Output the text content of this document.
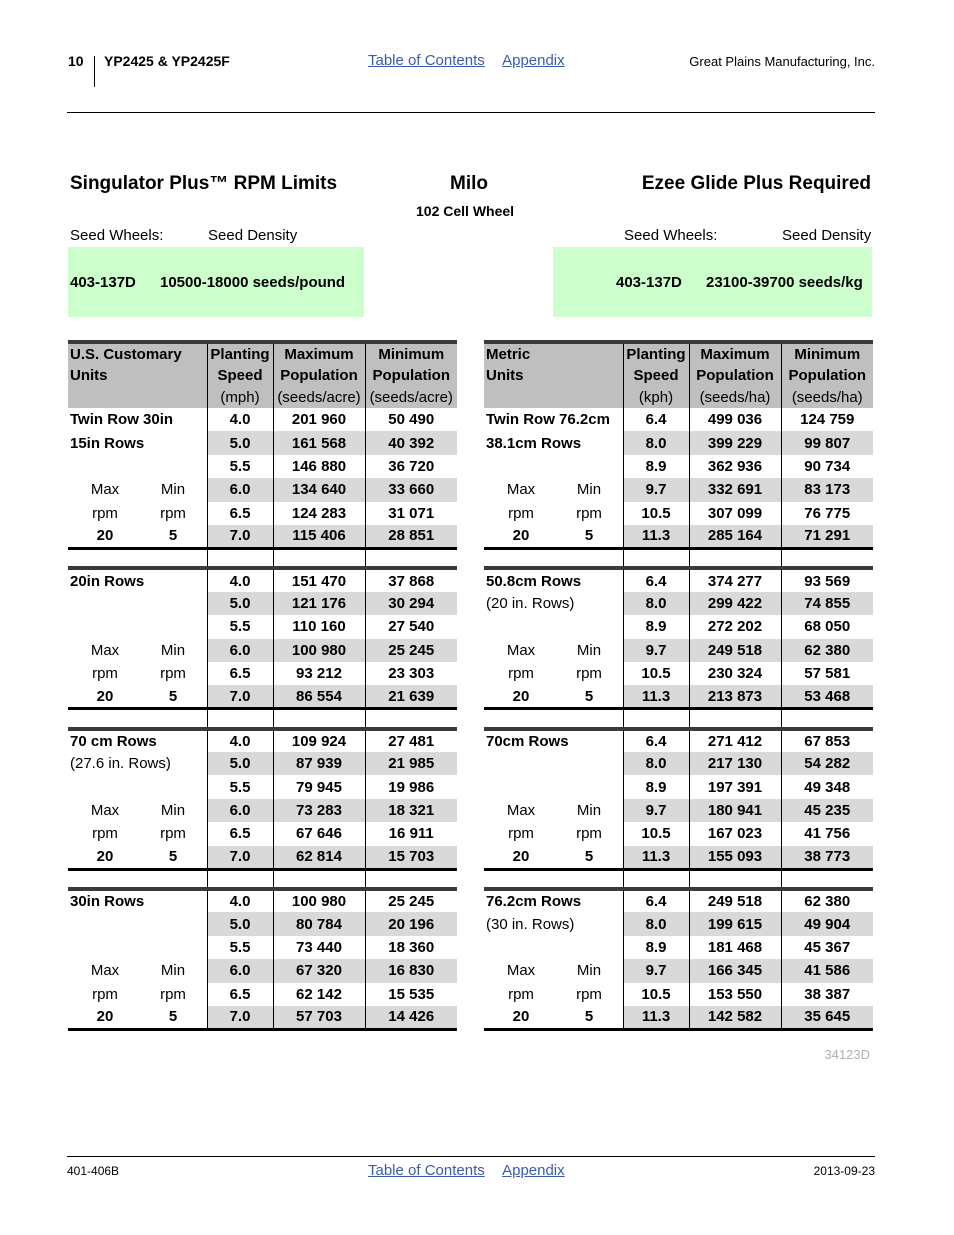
10 YP2425 & YP2425F	Table of Contents Appendix	Great Plains Manufacturing, Inc.
Singulator Plus™ RPM Limits	Milo	Ezee Glide Plus Required
102 Cell Wheel
Seed Wheels:	Seed Density	Seed Wheels:	Seed Density
403-137D 10500-18000 seeds/pound	403-137D 23100-39700 seeds/kg
U.S. Customary	Planting	Maximum	Minimum
Units	Speed	Population	Population
	(mph)	(seeds/acre)	(seeds/acre)
Twin Row 30in	4.0	201 960	50 490
15in Rows	5.0	161 568	40 392
	5.5	146 880	36 720
Max Min	6.0	134 640	33 660
rpm rpm	6.5	124 283	31 071
20 5	7.0	115 406	28 851

20in Rows	4.0	151 470	37 868
	5.0	121 176	30 294
	5.5	110 160	27 540
Max Min	6.0	100 980	25 245
rpm rpm	6.5	93 212	23 303
20 5	7.0	86 554	21 639

70 cm Rows	4.0	109 924	27 481
(27.6 in. Rows)	5.0	87 939	21 985
	5.5	79 945	19 986
Max Min	6.0	73 283	18 321
rpm rpm	6.5	67 646	16 911
20 5	7.0	62 814	15 703

30in Rows	4.0	100 980	25 245
	5.0	80 784	20 196
	5.5	73 440	18 360
Max Min	6.0	67 320	16 830
rpm rpm	6.5	62 142	15 535
20 5	7.0	57 703	14 426
Metric	Planting	Maximum	Minimum
Units	Speed	Population	Population
	(kph)	(seeds/ha)	(seeds/ha)
Twin Row 76.2cm	6.4	499 036	124 759
38.1cm Rows	8.0	399 229	99 807
	8.9	362 936	90 734
Max Min	9.7	332 691	83 173
rpm rpm	10.5	307 099	76 775
20 5	11.3	285 164	71 291

50.8cm Rows	6.4	374 277	93 569
(20 in. Rows)	8.0	299 422	74 855
	8.9	272 202	68 050
Max Min	9.7	249 518	62 380
rpm rpm	10.5	230 324	57 581
20 5	11.3	213 873	53 468

70cm Rows	6.4	271 412	67 853
	8.0	217 130	54 282
	8.9	197 391	49 348
Max Min	9.7	180 941	45 235
rpm rpm	10.5	167 023	41 756
20 5	11.3	155 093	38 773

76.2cm Rows	6.4	249 518	62 380
(30 in. Rows)	8.0	199 615	49 904
	8.9	181 468	45 367
Max Min	9.7	166 345	41 586
rpm rpm	10.5	153 550	38 387
20 5	11.3	142 582	35 645
34123D
401-406B	Table of Contents Appendix	2013-09-23
